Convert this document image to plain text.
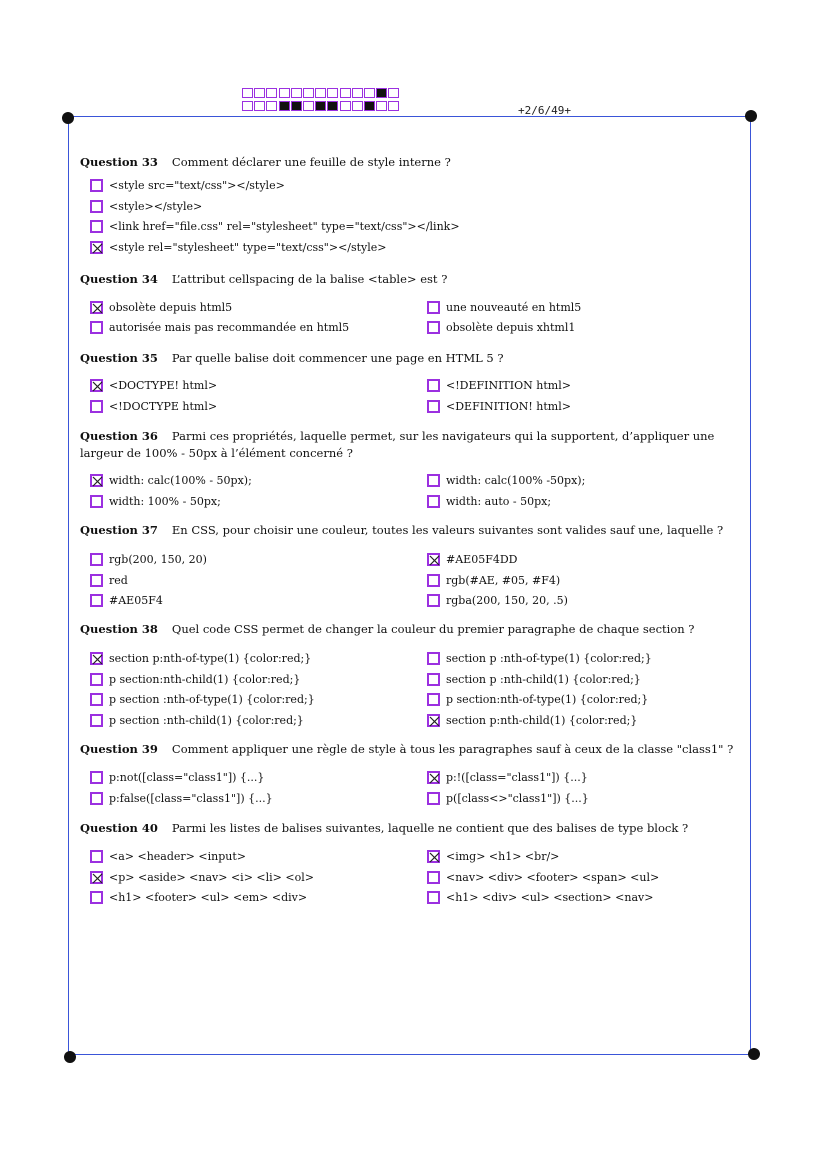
+2/6/49+
Question 33 Comment déclarer une feuille de style interne ?
<style src="text/css"></style>
<style></style>
<link href="file.css" rel="stylesheet" type="text/css"></link>
<style rel="stylesheet" type="text/css"></style>
Question 34 L’attribut cellspacing de la balise <table> est ?
obsolète depuis html5	une nouveauté en html5
autorisée mais pas recommandée en html5	obsolète depuis xhtml1
Question 35 Par quelle balise doit commencer une page en HTML 5 ?
<DOCTYPE! html>	<!DEFINITION html>
<!DOCTYPE html>	<DEFINITION! html>
Question 36 Parmi ces propriétés, laquelle permet, sur les navigateurs qui la supportent, d’appliquer une largeur de 100% - 50px à l’élément concerné ?
width: calc(100% - 50px);	width: calc(100% -50px);
width: 100% - 50px;	width: auto - 50px;
Question 37 En CSS, pour choisir une couleur, toutes les valeurs suivantes sont valides sauf une, laquelle ?
rgb(200, 150, 20)	#AE05F4DD
red	rgb(#AE, #05, #F4)
#AE05F4	rgba(200, 150, 20, .5)
Question 38 Quel code CSS permet de changer la couleur du premier paragraphe de chaque section ?
section p:nth-of-type(1) {color:red;}	section p :nth-of-type(1) {color:red;}
p section:nth-child(1) {color:red;}	section p :nth-child(1) {color:red;}
p section :nth-of-type(1) {color:red;}	p section:nth-of-type(1) {color:red;}
p section :nth-child(1) {color:red;}	section p:nth-child(1) {color:red;}
Question 39 Comment appliquer une règle de style à tous les paragraphes sauf à ceux de la classe "class1" ?
p:not([class="class1"]) {...}	p:!([class="class1"]) {...}
p:false([class="class1"]) {...}	p([class<>"class1"]) {...}
Question 40 Parmi les listes de balises suivantes, laquelle ne contient que des balises de type block ?
<a> <header> <input>	<img> <h1> <br/>
<p> <aside> <nav> <i> <li> <ol>	<nav> <div> <footer> <span> <ul>
<h1> <footer> <ul> <em> <div>	<h1> <div> <ul> <section> <nav>
